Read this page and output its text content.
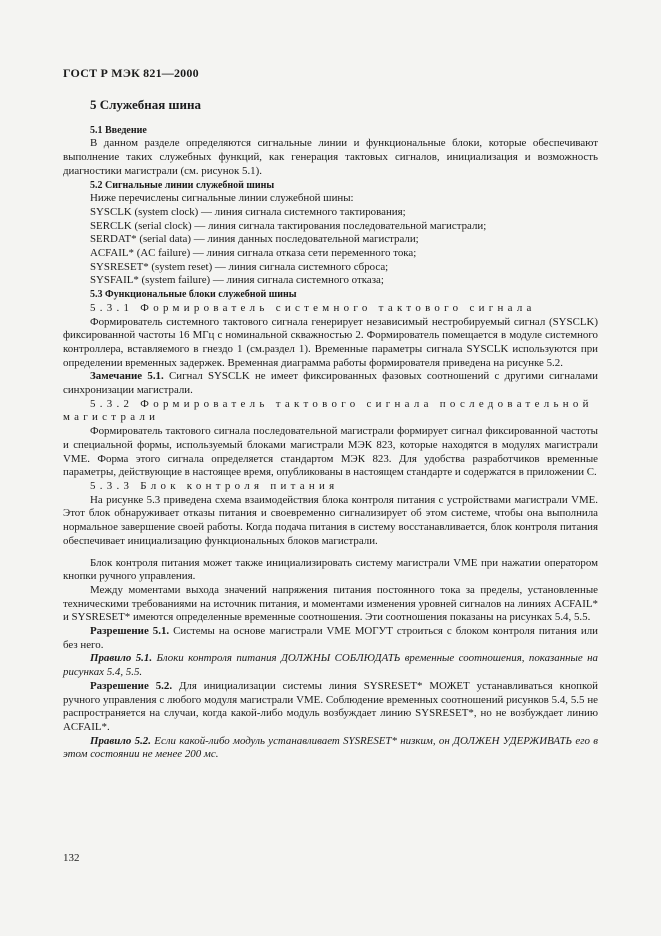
ГОСТ Р МЭК 821—2000
5 Служебная шина
5.1 Введение

В данном разделе определяются сигнальные линии и функциональные блоки, которые обеспечивают выполнение таких служебных функций, как генерация тактовых сигналов, инициализация и возможность диагностики магистрали (см. рисунок 5.1).

5.2 Сигнальные линии служебной шины

Ниже перечислены сигнальные линии служебной шины:

SYSCLK (system clock) — линия сигнала системного тактирования;

SERCLK (serial clock) — линия сигнала тактирования последовательной магистрали;

SERDAT* (serial data) — линия данных последовательной магистрали;

ACFAIL* (AC failure) — линия сигнала отказа сети переменного тока;

SYSRESET* (system reset) — линия сигнала системного сброса;

SYSFAIL* (system failure) — линия сигнала системного отказа;

5.3 Функциональные блоки служебной шины

5.3.1 Формирователь системного тактового сигнала

Формирователь системного тактового сигнала генерирует независимый нестробируемый сигнал (SYSCLK) фиксированной частоты 16 МГц с номинальной скважностью 2. Формирователь помещается в модуле системного контроллера, вставляемого в гнездо 1 (см.раздел 1). Временные параметры сигнала SYSCLK используются при определении временных задержек. Временная диаграмма работы формирователя приведена на рисунке 5.2.

Замечание 5.1. Сигнал SYSCLK не имеет фиксированных фазовых соотношений с другими сигналами синхронизации магистрали.

5.3.2 Формирователь тактового сигнала последовательной магистрали

Формирователь тактового сигнала последовательной магистрали формирует сигнал фиксированной частоты и специальной формы, используемый блоками магистрали МЭК 823, которые находятся в модулях магистрали VME. Форма этого сигнала определяется стандартом МЭК 823. Для удобства разработчиков временные параметры, действующие в настоящее время, опубликованы в настоящем стандарте и содержатся в приложении С.

5.3.3 Блок контроля питания

На рисунке 5.3 приведена схема взаимодействия блока контроля питания с устройствами магистрали VME. Этот блок обнаруживает отказы питания и своевременно сигнализирует об этом системе, чтобы она выполнила нормальное завершение своей работы. Когда подача питания в систему восстанавливается, блок контроля питания обеспечивает инициализацию функциональных блоков магистрали.

Блок контроля питания может также инициализировать систему магистрали VME при нажатии оператором кнопки ручного управления.

Между моментами выхода значений напряжения питания постоянного тока за пределы, установленные техническими требованиями на источник питания, и моментами изменения уровней сигналов на линиях ACFAIL* и SYSRESET* имеются определенные временные соотношения. Эти соотношения показаны на рисунках 5.4, 5.5.

Разрешение 5.1. Системы на основе магистрали VME МОГУТ строиться с блоком контроля питания или без него.

Правило 5.1. Блоки контроля питания ДОЛЖНЫ СОБЛЮДАТЬ временные соотношения, показанные на рисунках 5.4, 5.5.

Разрешение 5.2. Для инициализации системы линия SYSRESET* МОЖЕТ устанавливаться кнопкой ручного управления с любого модуля магистрали VME. Соблюдение временных соотношений рисунков 5.4, 5.5 не распространяется на случаи, когда какой-либо модуль возбуждает линию SYSRESET*, но не возбуждает линию ACFAIL*.

Правило 5.2. Если какой-либо модуль устанавливает SYSRESET* низким, он ДОЛЖЕН УДЕРЖИВАТЬ его в этом состоянии не менее 200 мс.

132
